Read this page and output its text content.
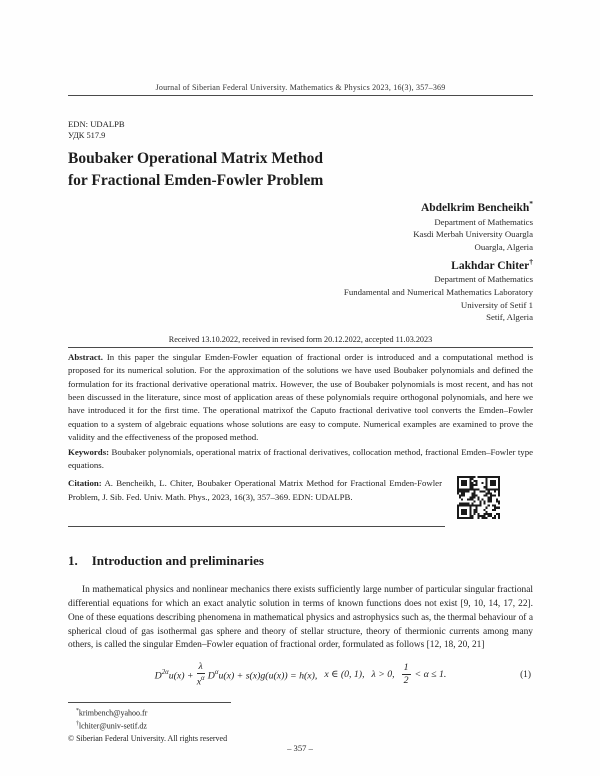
Journal of Siberian Federal University. Mathematics & Physics 2023, 16(3), 357–369
EDN: UDALPB
УДК 517.9
Boubaker Operational Matrix Method
for Fractional Emden-Fowler Problem
Abdelkrim Bencheikh*
Department of Mathematics
Kasdi Merbah University Ouargla
Ouargla, Algeria
Lakhdar Chiter†
Department of Mathematics
Fundamental and Numerical Mathematics Laboratory
University of Setif 1
Setif, Algeria
Received 13.10.2022, received in revised form 20.12.2022, accepted 11.03.2023
Abstract. In this paper the singular Emden-Fowler equation of fractional order is introduced and a computational method is proposed for its numerical solution. For the approximation of the solutions we have used Boubaker polynomials and defined the formulation for its fractional derivative operational matrix. However, the use of Boubaker polynomials is most recent, and has not been discussed in the literature, since most of application areas of these polynomials require orthogonal polynomials, and here we have introduced it for the first time. The operational matrixof the Caputo fractional derivative tool converts the Emden–Fowler equation to a system of algebraic equations whose solutions are easy to compute. Numerical examples are examined to prove the validity and the effectiveness of the proposed method.
Keywords: Boubaker polynomials, operational matrix of fractional derivatives, collocation method, fractional Emden–Fowler type equations.
Citation: A. Bencheikh, L. Chiter, Boubaker Operational Matrix Method for Fractional Emden-Fowler Problem, J. Sib. Fed. Univ. Math. Phys., 2023, 16(3), 357–369. EDN: UDALPB.
1. Introduction and preliminaries
In mathematical physics and nonlinear mechanics there exists sufficiently large number of particular singular fractional differential equations for which an exact analytic solution in terms of known functions does not exist [9, 10, 14, 17, 22]. One of these equations describing phenomena in mathematical physics and astrophysics such as, the thermal behaviour of a spherical cloud of gas isothermal gas sphere and theory of stellar structure, theory of thermionic currents among many others, is called the singular Emden–Fowler equation of fractional order, formulated as follows [12, 18, 20, 21]
$D^{2\alpha}u(x) + \frac{\lambda}{x^\alpha} D^\alpha u(x) + s(x)g(u(x)) = h(x)$, x ∈ (0, 1), λ > 0, $\frac{1}{2} < \alpha \le 1$.	(1)
*krimbench@yahoo.fr
†lchiter@univ-setif.dz
© Siberian Federal University. All rights reserved
– 357 –
